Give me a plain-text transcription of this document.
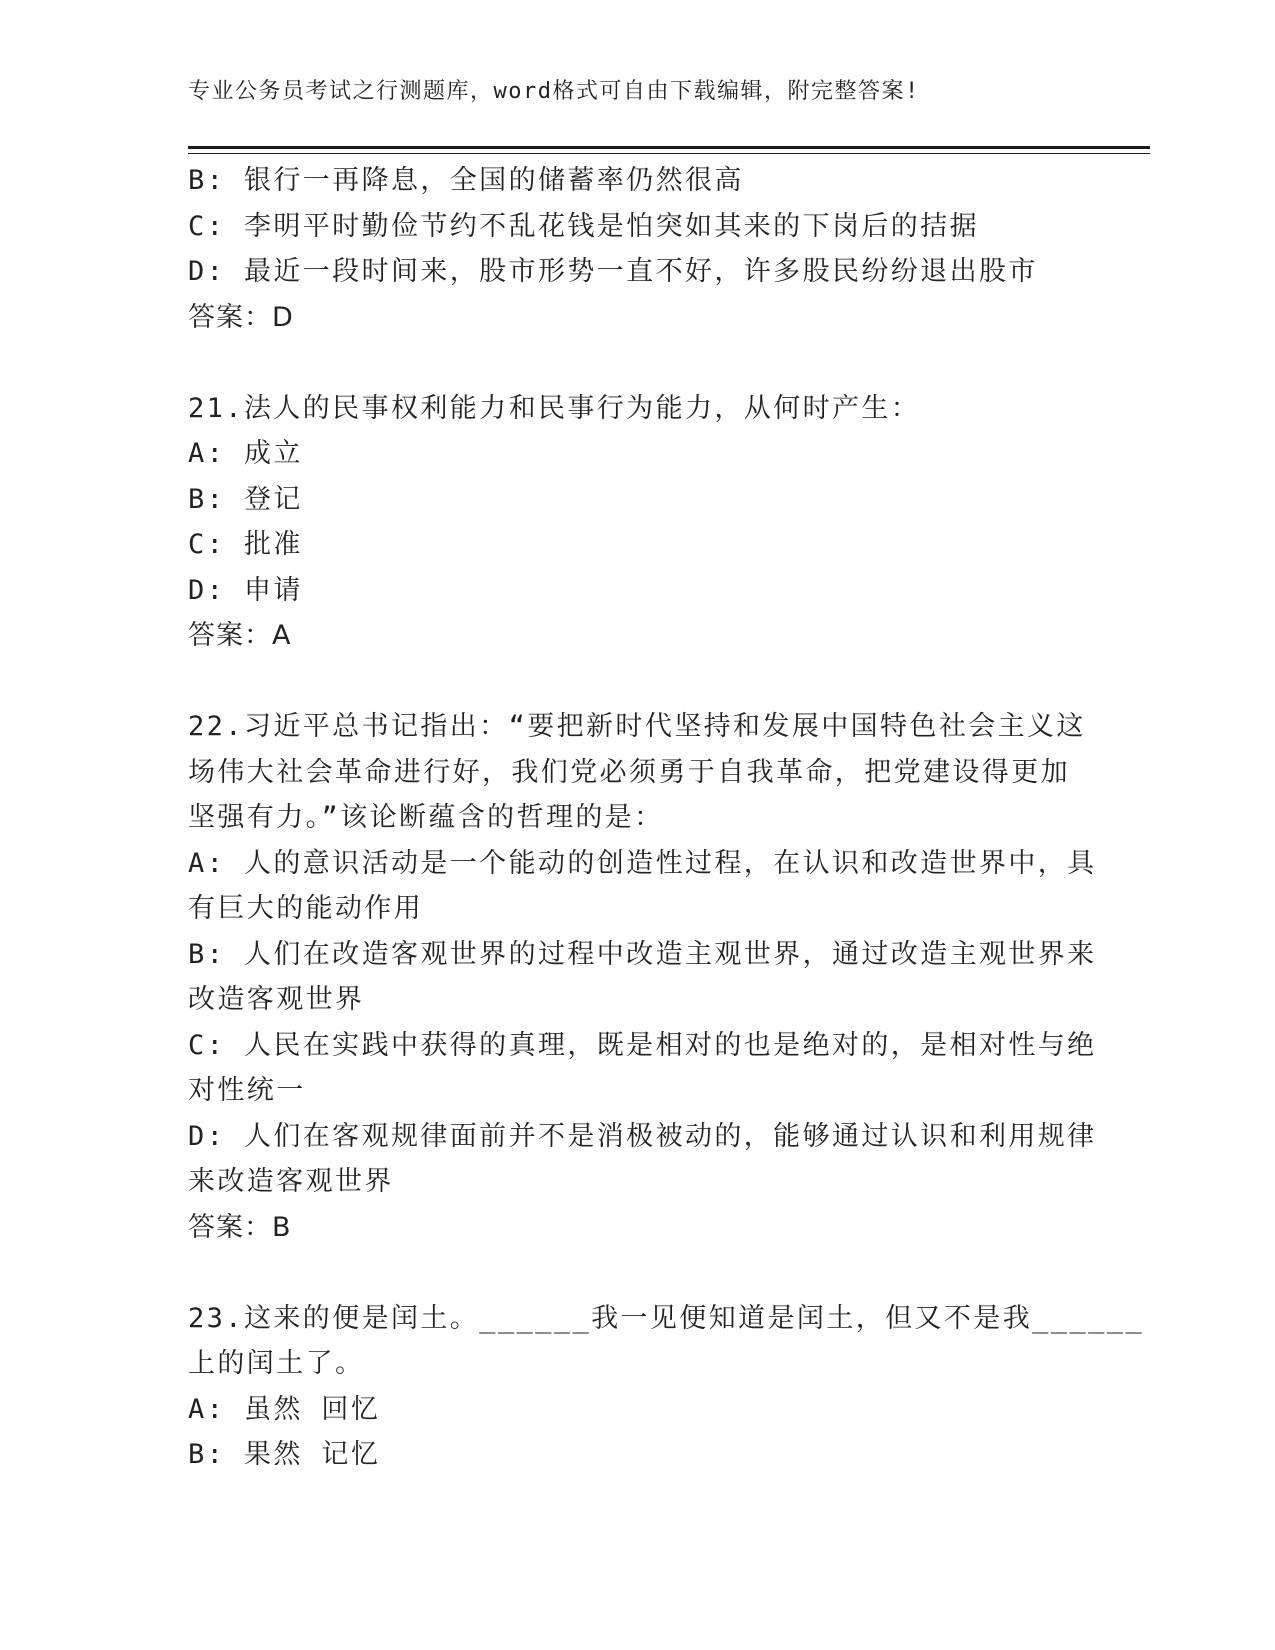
专业公务员考试之行测题库，word格式可自由下载编辑，附完整答案!
B: 银行一再降息，全国的储蓄率仍然很高
C: 李明平时勤俭节约不乱花钱是怕突如其来的下岗后的拮据
D: 最近一段时间来，股市形势一直不好，许多股民纷纷退出股市
答案：D
21.法人的民事权利能力和民事行为能力，从何时产生：
A: 成立
B: 登记
C: 批准
D: 申请
答案：A
22.习近平总书记指出：“要把新时代坚持和发展中国特色社会主义这
场伟大社会革命进行好，我们党必须勇于自我革命，把党建设得更加
坚强有力。”该论断蕴含的哲理的是：
A: 人的意识活动是一个能动的创造性过程，在认识和改造世界中，具
有巨大的能动作用
B: 人们在改造客观世界的过程中改造主观世界，通过改造主观世界来
改造客观世界
C: 人民在实践中获得的真理，既是相对的也是绝对的，是相对性与绝
对性统一
D: 人们在客观规律面前并不是消极被动的，能够通过认识和利用规律
来改造客观世界
答案：B
23.这来的便是闰土。______我一见便知道是闰土，但又不是我______
上的闰土了。
A: 虽然 回忆
B: 果然 记忆
